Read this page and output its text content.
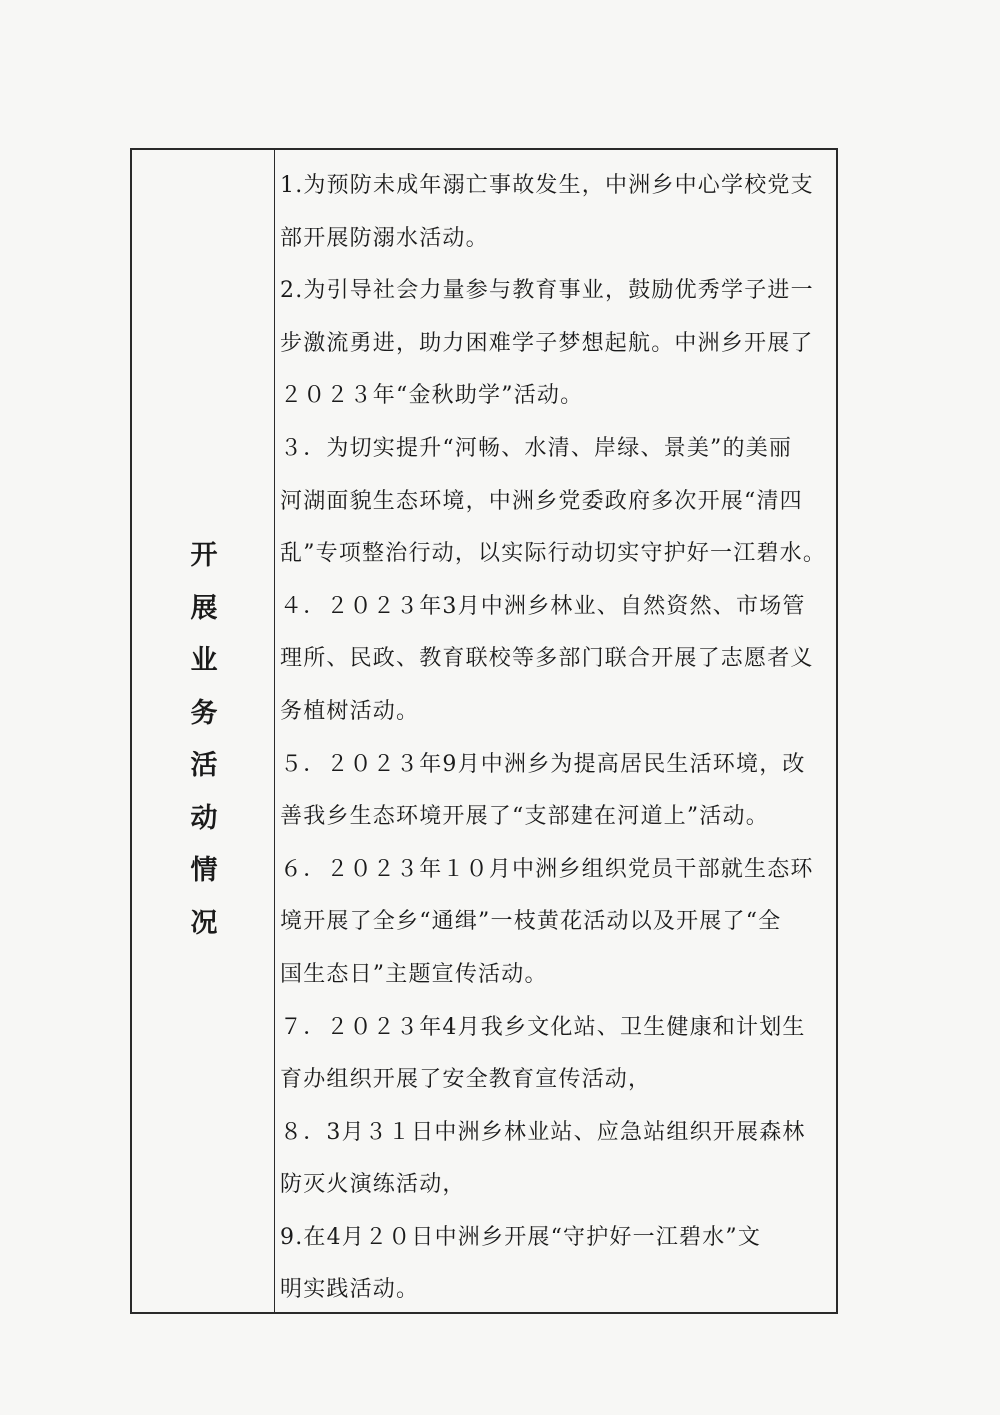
开
展
业
务
活
动
情
况
1.为预防未成年溺亡事故发生，中洲乡中心学校党支
部开展防溺水活动。
2.为引导社会力量参与教育事业，鼓励优秀学子进一
步激流勇进，助力困难学子梦想起航。中洲乡开展了
２０２３年“金秋助学”活动。
３．为切实提升“河畅、水清、岸绿、景美”的美丽
河湖面貌生态环境，中洲乡党委政府多次开展“清四
乱”专项整治行动，以实际行动切实守护好一江碧水。
４．２０２３年3月中洲乡林业、自然资然、市场管
理所、民政、教育联校等多部门联合开展了志愿者义
务植树活动。
５．２０２３年9月中洲乡为提高居民生活环境，改
善我乡生态环境开展了“支部建在河道上”活动。
６．２０２３年１０月中洲乡组织党员干部就生态环
境开展了全乡“通缉”一枝黄花活动以及开展了“全
国生态日”主题宣传活动。
７．２０２３年4月我乡文化站、卫生健康和计划生
育办组织开展了安全教育宣传活动，
８．3月３１日中洲乡林业站、应急站组织开展森林
防灭火演练活动，
9.在4月２０日中洲乡开展“守护好一江碧水”文
明实践活动。
